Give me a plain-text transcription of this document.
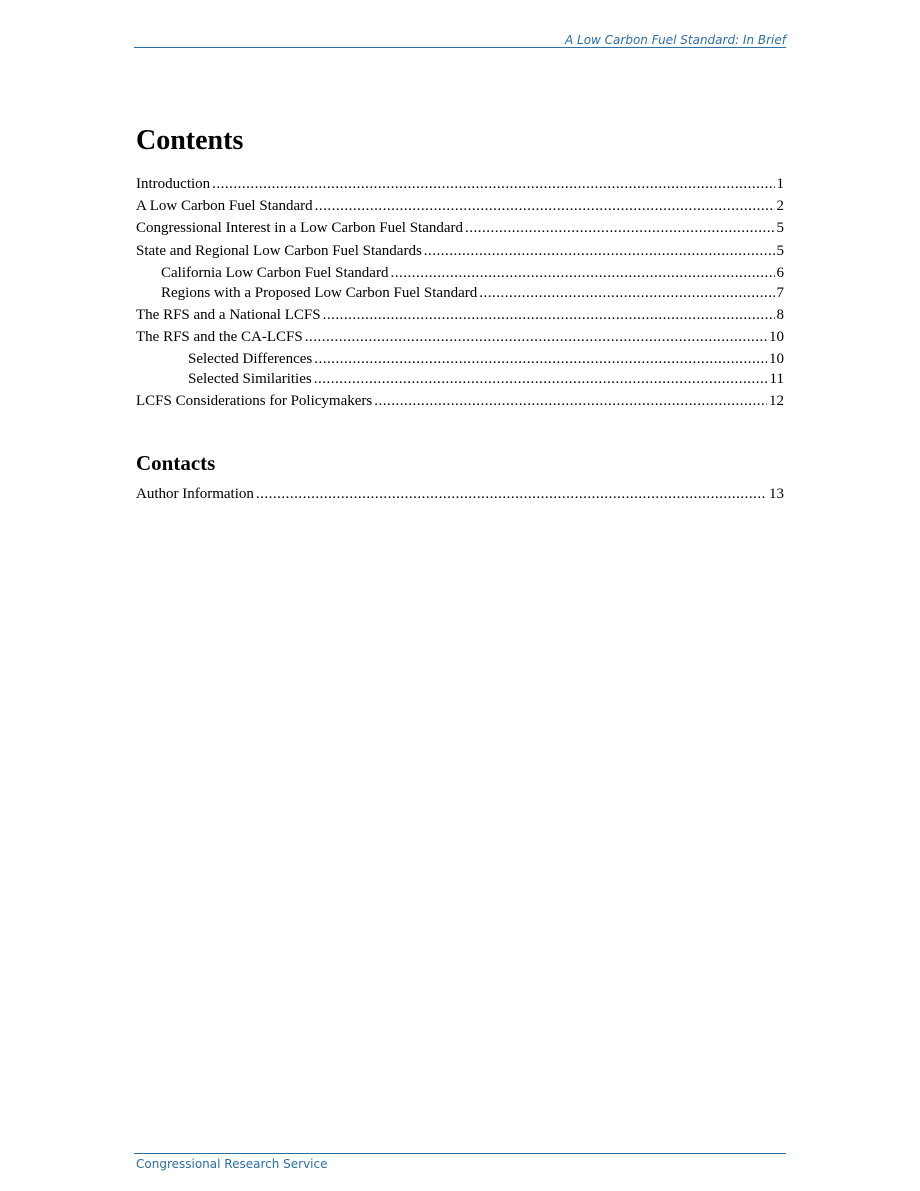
A Low Carbon Fuel Standard: In Brief
Contents
Introduction .....	1
A Low Carbon Fuel Standard .....	2
Congressional Interest in a Low Carbon Fuel Standard .....	5
State and Regional Low Carbon Fuel Standards .....	5
California Low Carbon Fuel Standard .....	6
Regions with a Proposed Low Carbon Fuel Standard .....	7
The RFS and a National LCFS .....	8
The RFS and the CA-LCFS .....	10
Selected Differences .....	10
Selected Similarities .....	11
LCFS Considerations for Policymakers .....	12
Contacts
Author Information .....	13
Congressional Research Service
